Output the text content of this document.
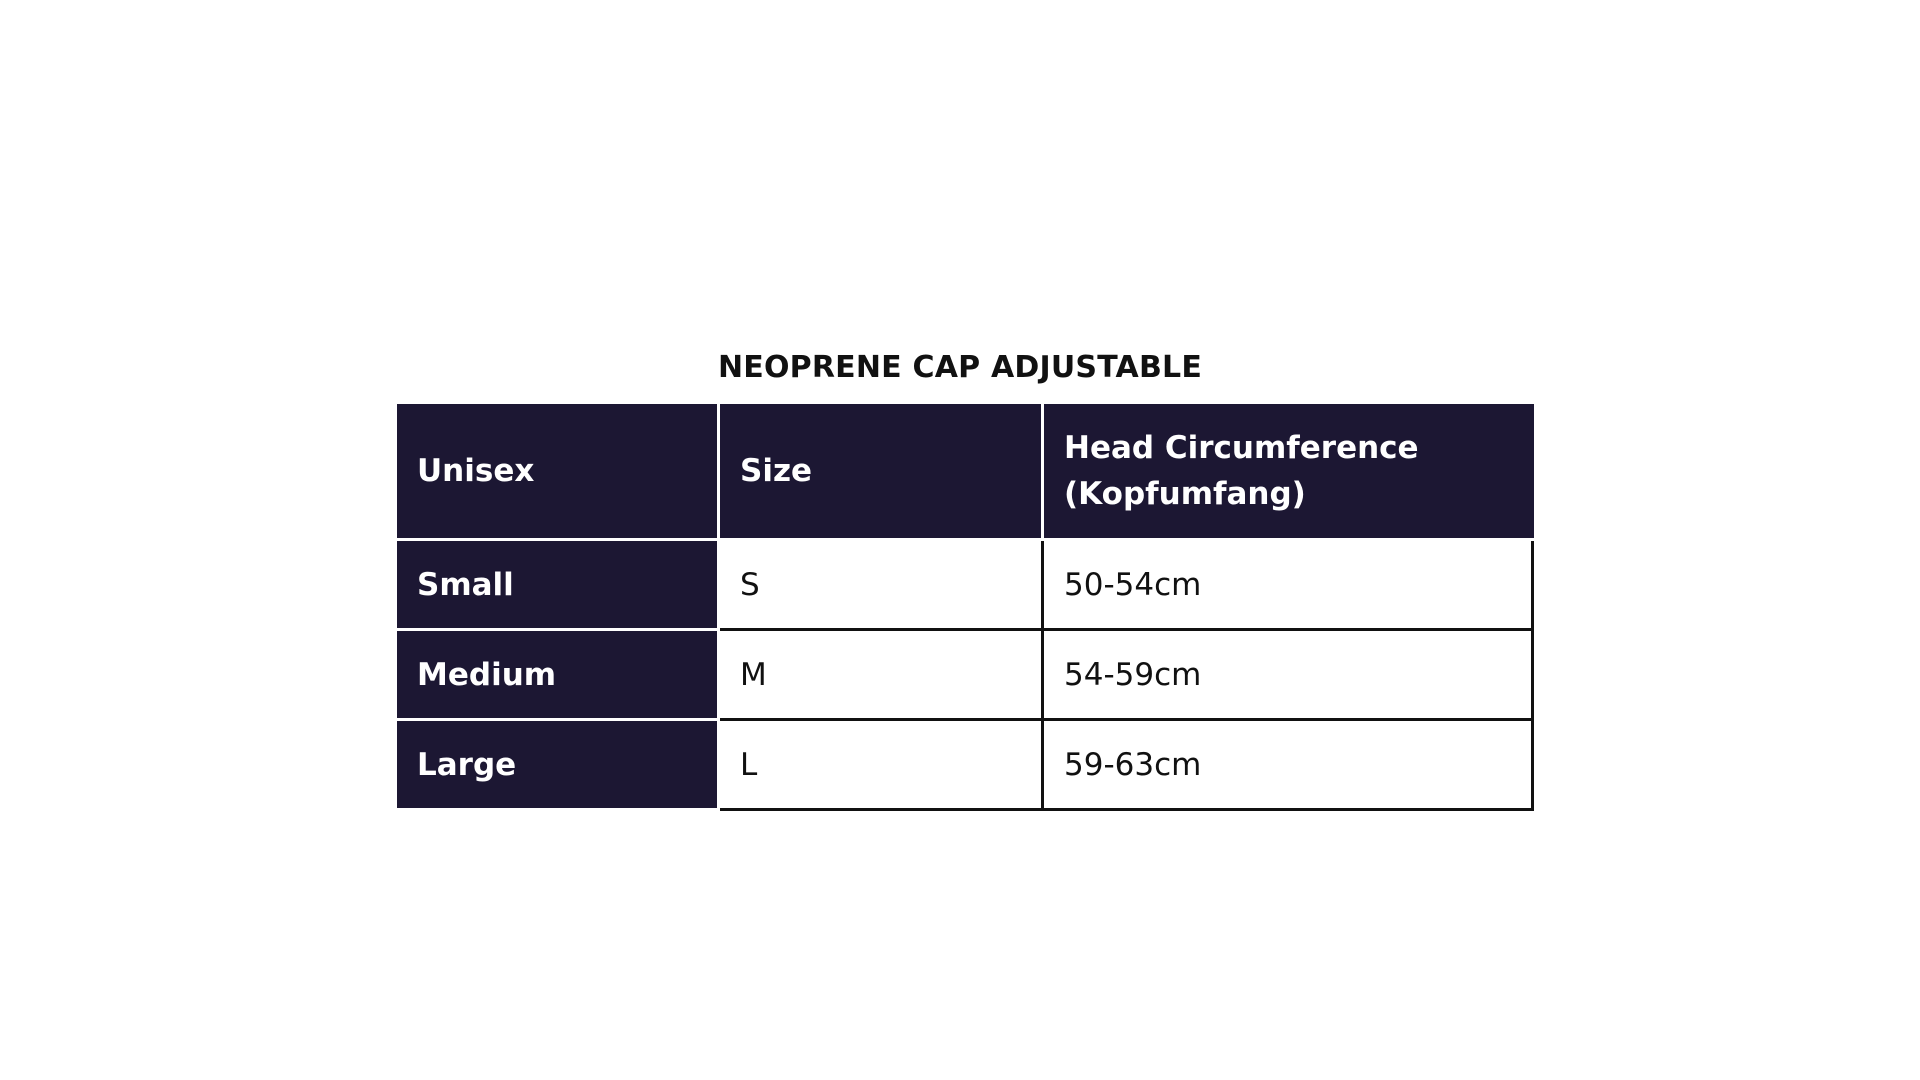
NEOPRENE CAP ADJUSTABLE
Unisex	Size	Head Circumference
(Kopfumfang)

Small	S	50-54cm
Medium	M	54-59cm
Large	L	59-63cm
